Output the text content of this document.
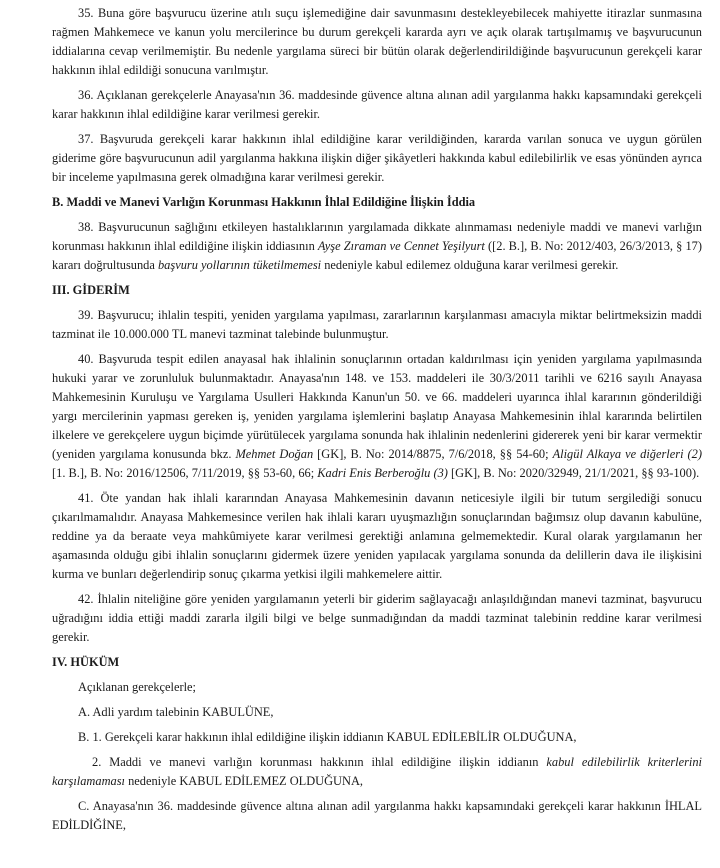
35. Buna göre başvurucu üzerine atılı suçu işlemediğine dair savunmasını destekleyebilecek mahiyette itirazlar sunmasına rağmen Mahkemece ve kanun yolu mercilerince bu durum gerekçeli kararda ayrı ve açık olarak tartışılmamış ve başvurucunun iddialarına cevap verilmemiştir. Bu nedenle yargılama süreci bir bütün olarak değerlendirildiğinde başvurucunun gerekçeli karar hakkının ihlal edildiği sonucuna varılmıştır.

36. Açıklanan gerekçelerle Anayasa'nın 36. maddesinde güvence altına alınan adil yargılanma hakkı kapsamındaki gerekçeli karar hakkının ihlal edildiğine karar verilmesi gerekir.

37. Başvuruda gerekçeli karar hakkının ihlal edildiğine karar verildiğinden, kararda varılan sonuca ve uygun görülen giderime göre başvurucunun adil yargılanma hakkına ilişkin diğer şikâyetleri hakkında kabul edilebilirlik ve esas yönünden ayrıca bir inceleme yapılmasına gerek olmadığına karar verilmesi gerekir.

B. Maddi ve Manevi Varlığın Korunması Hakkının İhlal Edildiğine İlişkin İddia

38. Başvurucunun sağlığını etkileyen hastalıklarının yargılamada dikkate alınmaması nedeniyle maddi ve manevi varlığın korunması hakkının ihlal edildiğine ilişkin iddiasının Ayşe Zıraman ve Cennet Yeşilyurt ([2. B.], B. No: 2012/403, 26/3/2013, § 17) kararı doğrultusunda başvuru yollarının tüketilmemesi nedeniyle kabul edilemez olduğuna karar verilmesi gerekir.

III. GİDERİM

39. Başvurucu; ihlalin tespiti, yeniden yargılama yapılması, zararlarının karşılanması amacıyla miktar belirtmeksizin maddi tazminat ile 10.000.000 TL manevi tazminat talebinde bulunmuştur.

40. Başvuruda tespit edilen anayasal hak ihlalinin sonuçlarının ortadan kaldırılması için yeniden yargılama yapılmasında hukuki yarar ve zorunluluk bulunmaktadır. Anayasa'nın 148. ve 153. maddeleri ile 30/3/2011 tarihli ve 6216 sayılı Anayasa Mahkemesinin Kuruluşu ve Yargılama Usulleri Hakkında Kanun'un 50. ve 66. maddeleri uyarınca ihlal kararının gönderildiği yargı mercilerinin yapması gereken iş, yeniden yargılama işlemlerini başlatıp Anayasa Mahkemesinin ihlal kararında belirtilen ilkelere ve gerekçelere uygun biçimde yürütülecek yargılama sonunda hak ihlalinin nedenlerini gidererek yeni bir karar vermektir (yeniden yargılama konusunda bkz. Mehmet Doğan [GK], B. No: 2014/8875, 7/6/2018, §§ 54-60; Aligül Alkaya ve diğerleri (2) [1. B.], B. No: 2016/12506, 7/11/2019, §§ 53-60, 66; Kadri Enis Berberoğlu (3) [GK], B. No: 2020/32949, 21/1/2021, §§ 93-100).

41. Öte yandan hak ihlali kararından Anayasa Mahkemesinin davanın neticesiyle ilgili bir tutum sergilediği sonucu çıkarılmamalıdır. Anayasa Mahkemesince verilen hak ihlali kararı uyuşmazlığın sonuçlarından bağımsız olup davanın kabulüne, reddine ya da beraate veya mahkûmiyete karar verilmesi gerektiği anlamına gelmemektedir. Kural olarak yargılamanın her aşamasında olduğu gibi ihlalin sonuçlarını gidermek üzere yeniden yapılacak yargılama sonunda da delillerin dava ile ilişkisini kurma ve bunları değerlendirip sonuç çıkarma yetkisi ilgili mahkemelere aittir.

42. İhlalin niteliğine göre yeniden yargılamanın yeterli bir giderim sağlayacağı anlaşıldığından manevi tazminat, başvurucu uğradığını iddia ettiği maddi zararla ilgili bilgi ve belge sunmadığından da maddi tazminat talebinin reddine karar verilmesi gerekir.

IV. HÜKÜM

Açıklanan gerekçelerle;

A. Adli yardım talebinin KABULÜNE,

B. 1. Gerekçeli karar hakkının ihlal edildiğine ilişkin iddianın KABUL EDİLEBİLİR OLDUĞUNA,

2. Maddi ve manevi varlığın korunması hakkının ihlal edildiğine ilişkin iddianın kabul edilebilirlik kriterlerini karşılamaması nedeniyle KABUL EDİLEMEZ OLDUĞUNA,

C. Anayasa'nın 36. maddesinde güvence altına alınan adil yargılanma hakkı kapsamındaki gerekçeli karar hakkının İHLAL EDİLDİĞİNE,
